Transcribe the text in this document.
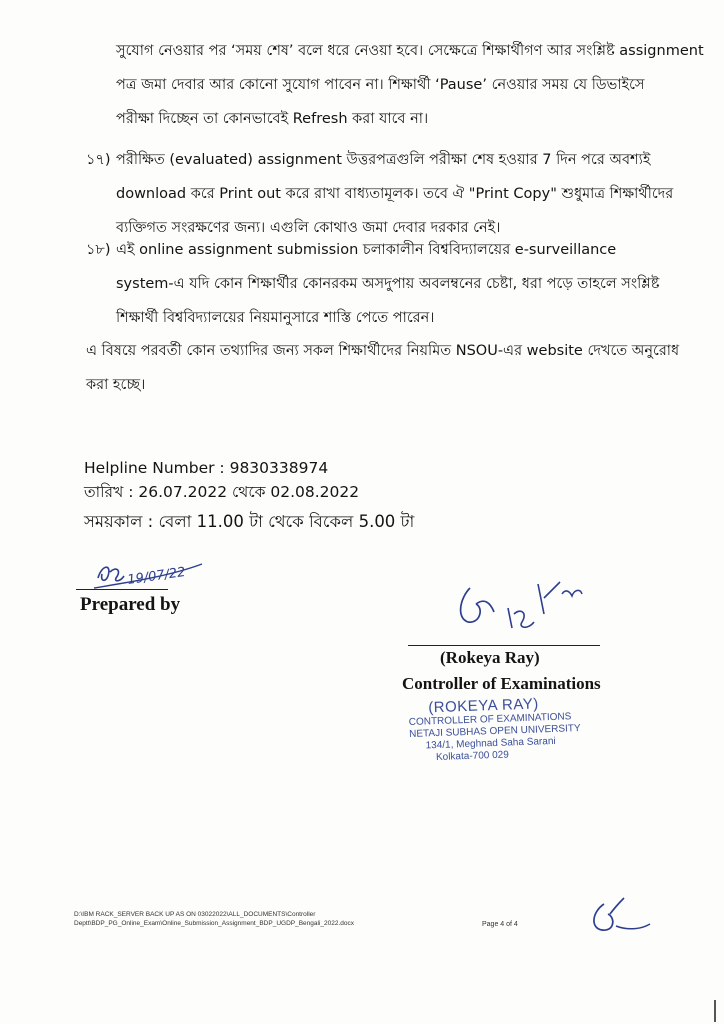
সুযোগ নেওয়ার পর ‘সময় শেষ’ বলে ধরে নেওয়া হবে। সেক্ষেত্রে শিক্ষার্থীগণ আর সংশ্লিষ্ট assignment
পত্র জমা দেবার আর কোনো সুযোগ পাবেন না। শিক্ষার্থী ‘Pause’ নেওয়ার সময় যে ডিভাইসে
পরীক্ষা দিচ্ছেন তা কোনভাবেই Refresh করা যাবে না।
১৭) পরীক্ষিত (evaluated) assignment উত্তরপত্রগুলি পরীক্ষা শেষ হওয়ার 7 দিন পরে অবশ্যই
download করে Print out করে রাখা বাধ্যতামূলক। তবে ঐ "Print Copy" শুধুমাত্র শিক্ষার্থীদের
ব্যক্তিগত সংরক্ষণের জন্য। এগুলি কোথাও জমা দেবার দরকার নেই।
১৮) এই online assignment submission চলাকালীন বিশ্ববিদ্যালয়ের e-surveillance
system-এ যদি কোন শিক্ষার্থীর কোনরকম অসদুপায় অবলম্বনের চেষ্টা, ধরা পড়ে তাহলে সংশ্লিষ্ট
শিক্ষার্থী বিশ্ববিদ্যালয়ের নিয়মানুসারে শাস্তি পেতে পারেন।
এ বিষয়ে পরবর্তী কোন তথ্যাদির জন্য সকল শিক্ষার্থীদের নিয়মিত NSOU-এর website দেখতে অনুরোধ
করা হচ্ছে।
Helpline Number : 9830338974
তারিখ : 26.07.2022 থেকে 02.08.2022
সময়কাল : বেলা 11.00 টা থেকে বিকেল 5.00 টা
19/07/22
Prepared by
(Rokeya Ray)
Controller of Examinations
(ROKEYA RAY)
CONTROLLER OF EXAMINATIONS
NETAJI SUBHAS OPEN UNIVERSITY
134/1, Meghnad Saha Sarani
Kolkata-700 029
D:\IBM RACK_SERVER BACK UP AS ON 03022022\ALL_DOCUMENTS\Controller
Deptt\BDP_PG_Online_Exam\Online_Submission_Assignment_BDP_UGDP_Bengali_2022.docx	Page 4 of 4
